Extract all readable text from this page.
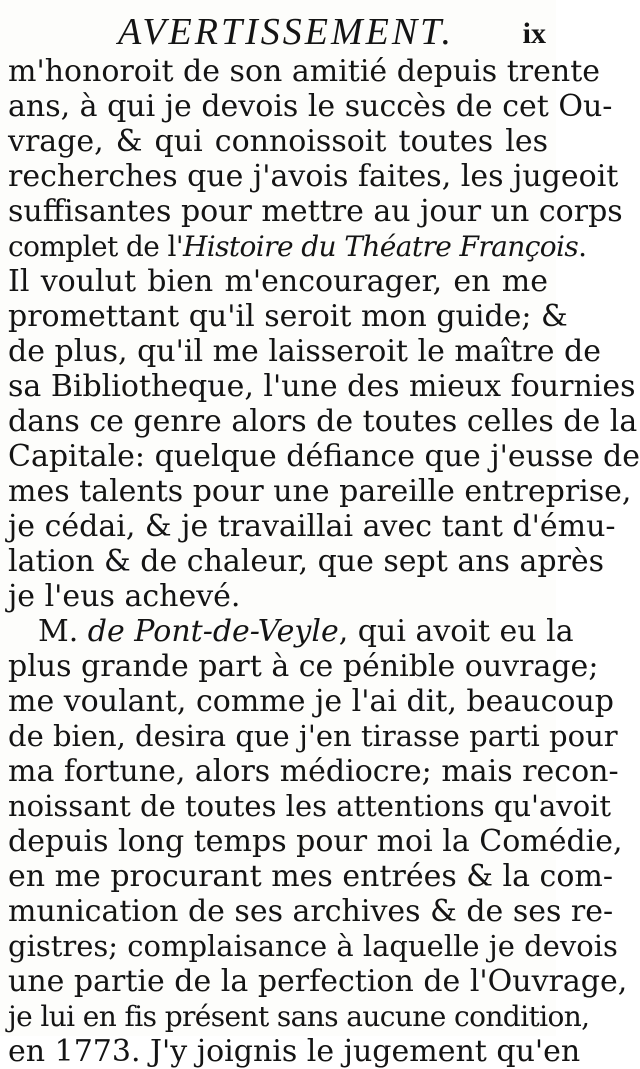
AVERTISSEMENT. ix
m'honoroit de son amitié depuis trente
ans, à qui je devois le succès de cet Ou-
vrage, & qui connoissoit toutes les
recherches que j'avois faites, les jugeoit
suffisantes pour mettre au jour un corps
complet de l'Histoire du Théatre François.
Il voulut bien m'encourager, en me
promettant qu'il seroit mon guide; &
de plus, qu'il me laisseroit le maître de
sa Bibliotheque, l'une des mieux fournies
dans ce genre alors de toutes celles de la
Capitale: quelque défiance que j'eusse de
mes talents pour une pareille entreprise,
je cédai, & je travaillai avec tant d'ému-
lation & de chaleur, que sept ans après
je l'eus achevé.
M. de Pont-de-Veyle, qui avoit eu la
plus grande part à ce pénible ouvrage;
me voulant, comme je l'ai dit, beaucoup
de bien, desira que j'en tirasse parti pour
ma fortune, alors médiocre; mais recon-
noissant de toutes les attentions qu'avoit
depuis long temps pour moi la Comédie,
en me procurant mes entrées & la com-
munication de ses archives & de ses re-
gistres; complaisance à laquelle je devois
une partie de la perfection de l'Ouvrage,
je lui en fis présent sans aucune condition,
en 1773. J'y joignis le jugement qu'en
